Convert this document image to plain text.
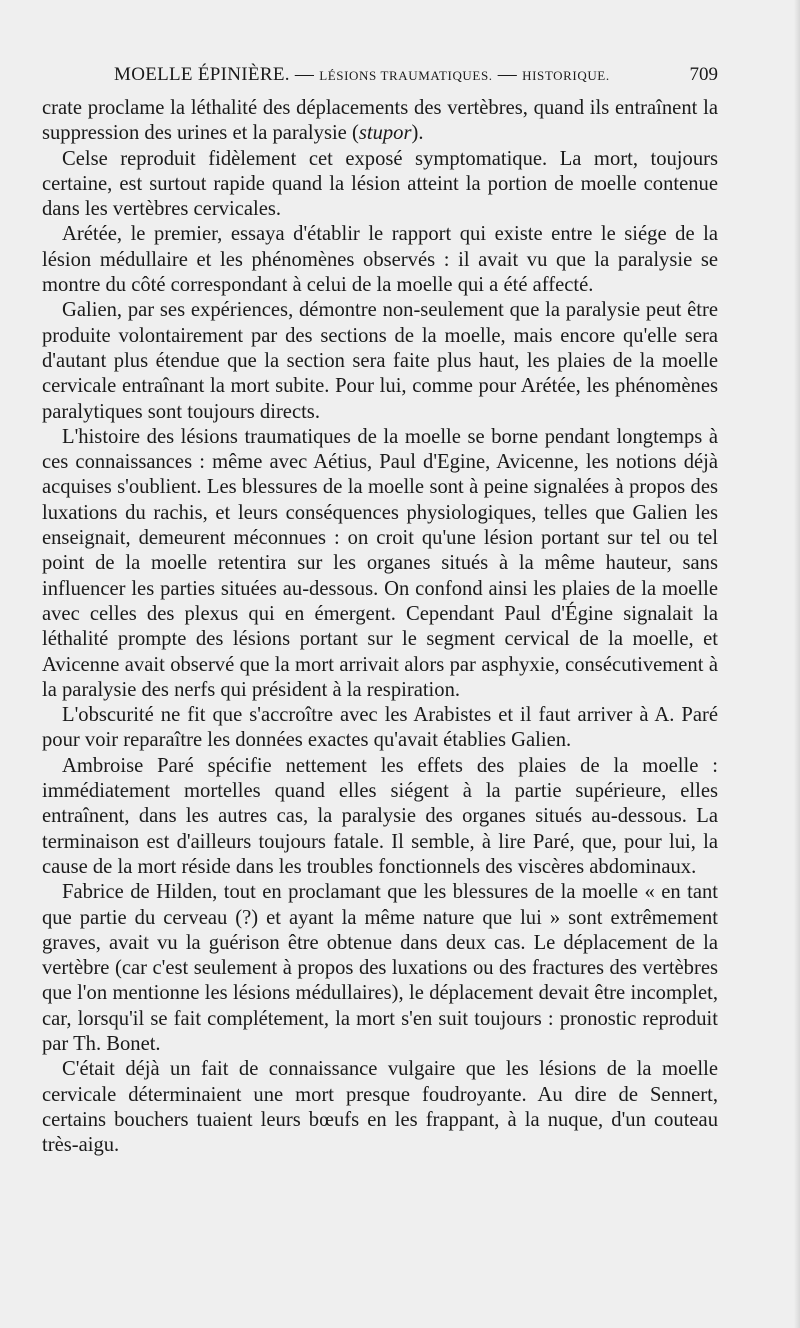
MOELLE ÉPINIÈRE. — LÉSIONS TRAUMATIQUES. — HISTORIQUE.	709

crate proclame la léthalité des déplacements des vertèbres, quand ils entraînent la suppression des urines et la paralysie (stupor).

Celse reproduit fidèlement cet exposé symptomatique. La mort, toujours certaine, est surtout rapide quand la lésion atteint la portion de moelle contenue dans les vertèbres cervicales.

Arétée, le premier, essaya d'établir le rapport qui existe entre le siége de la lésion médullaire et les phénomènes observés : il avait vu que la paralysie se montre du côté correspondant à celui de la moelle qui a été affecté.

Galien, par ses expériences, démontre non-seulement que la paralysie peut être produite volontairement par des sections de la moelle, mais encore qu'elle sera d'autant plus étendue que la section sera faite plus haut, les plaies de la moelle cervicale entraînant la mort subite. Pour lui, comme pour Arétée, les phénomènes paralytiques sont toujours directs.

L'histoire des lésions traumatiques de la moelle se borne pendant longtemps à ces connaissances : même avec Aétius, Paul d'Egine, Avicenne, les notions déjà acquises s'oublient. Les blessures de la moelle sont à peine signalées à propos des luxations du rachis, et leurs conséquences physiologiques, telles que Galien les enseignait, demeurent méconnues : on croit qu'une lésion portant sur tel ou tel point de la moelle retentira sur les organes situés à la même hauteur, sans influencer les parties situées au-dessous. On confond ainsi les plaies de la moelle avec celles des plexus qui en émergent. Cependant Paul d'Égine signalait la léthalité prompte des lésions portant sur le segment cervical de la moelle, et Avicenne avait observé que la mort arrivait alors par asphyxie, consécutivement à la paralysie des nerfs qui président à la respiration.

L'obscurité ne fit que s'accroître avec les Arabistes et il faut arriver à A. Paré pour voir reparaître les données exactes qu'avait établies Galien.

Ambroise Paré spécifie nettement les effets des plaies de la moelle : immédiatement mortelles quand elles siégent à la partie supérieure, elles entraînent, dans les autres cas, la paralysie des organes situés au-dessous. La terminaison est d'ailleurs toujours fatale. Il semble, à lire Paré, que, pour lui, la cause de la mort réside dans les troubles fonctionnels des viscères abdominaux.

Fabrice de Hilden, tout en proclamant que les blessures de la moelle « en tant que partie du cerveau (?) et ayant la même nature que lui » sont extrêmement graves, avait vu la guérison être obtenue dans deux cas. Le déplacement de la vertèbre (car c'est seulement à propos des luxations ou des fractures des vertèbres que l'on mentionne les lésions médullaires), le déplacement devait être incomplet, car, lorsqu'il se fait complétement, la mort s'en suit toujours : pronostic reproduit par Th. Bonet.

C'était déjà un fait de connaissance vulgaire que les lésions de la moelle cervicale déterminaient une mort presque foudroyante. Au dire de Sennert, certains bouchers tuaient leurs bœufs en les frappant, à la nuque, d'un couteau très-aigu.
